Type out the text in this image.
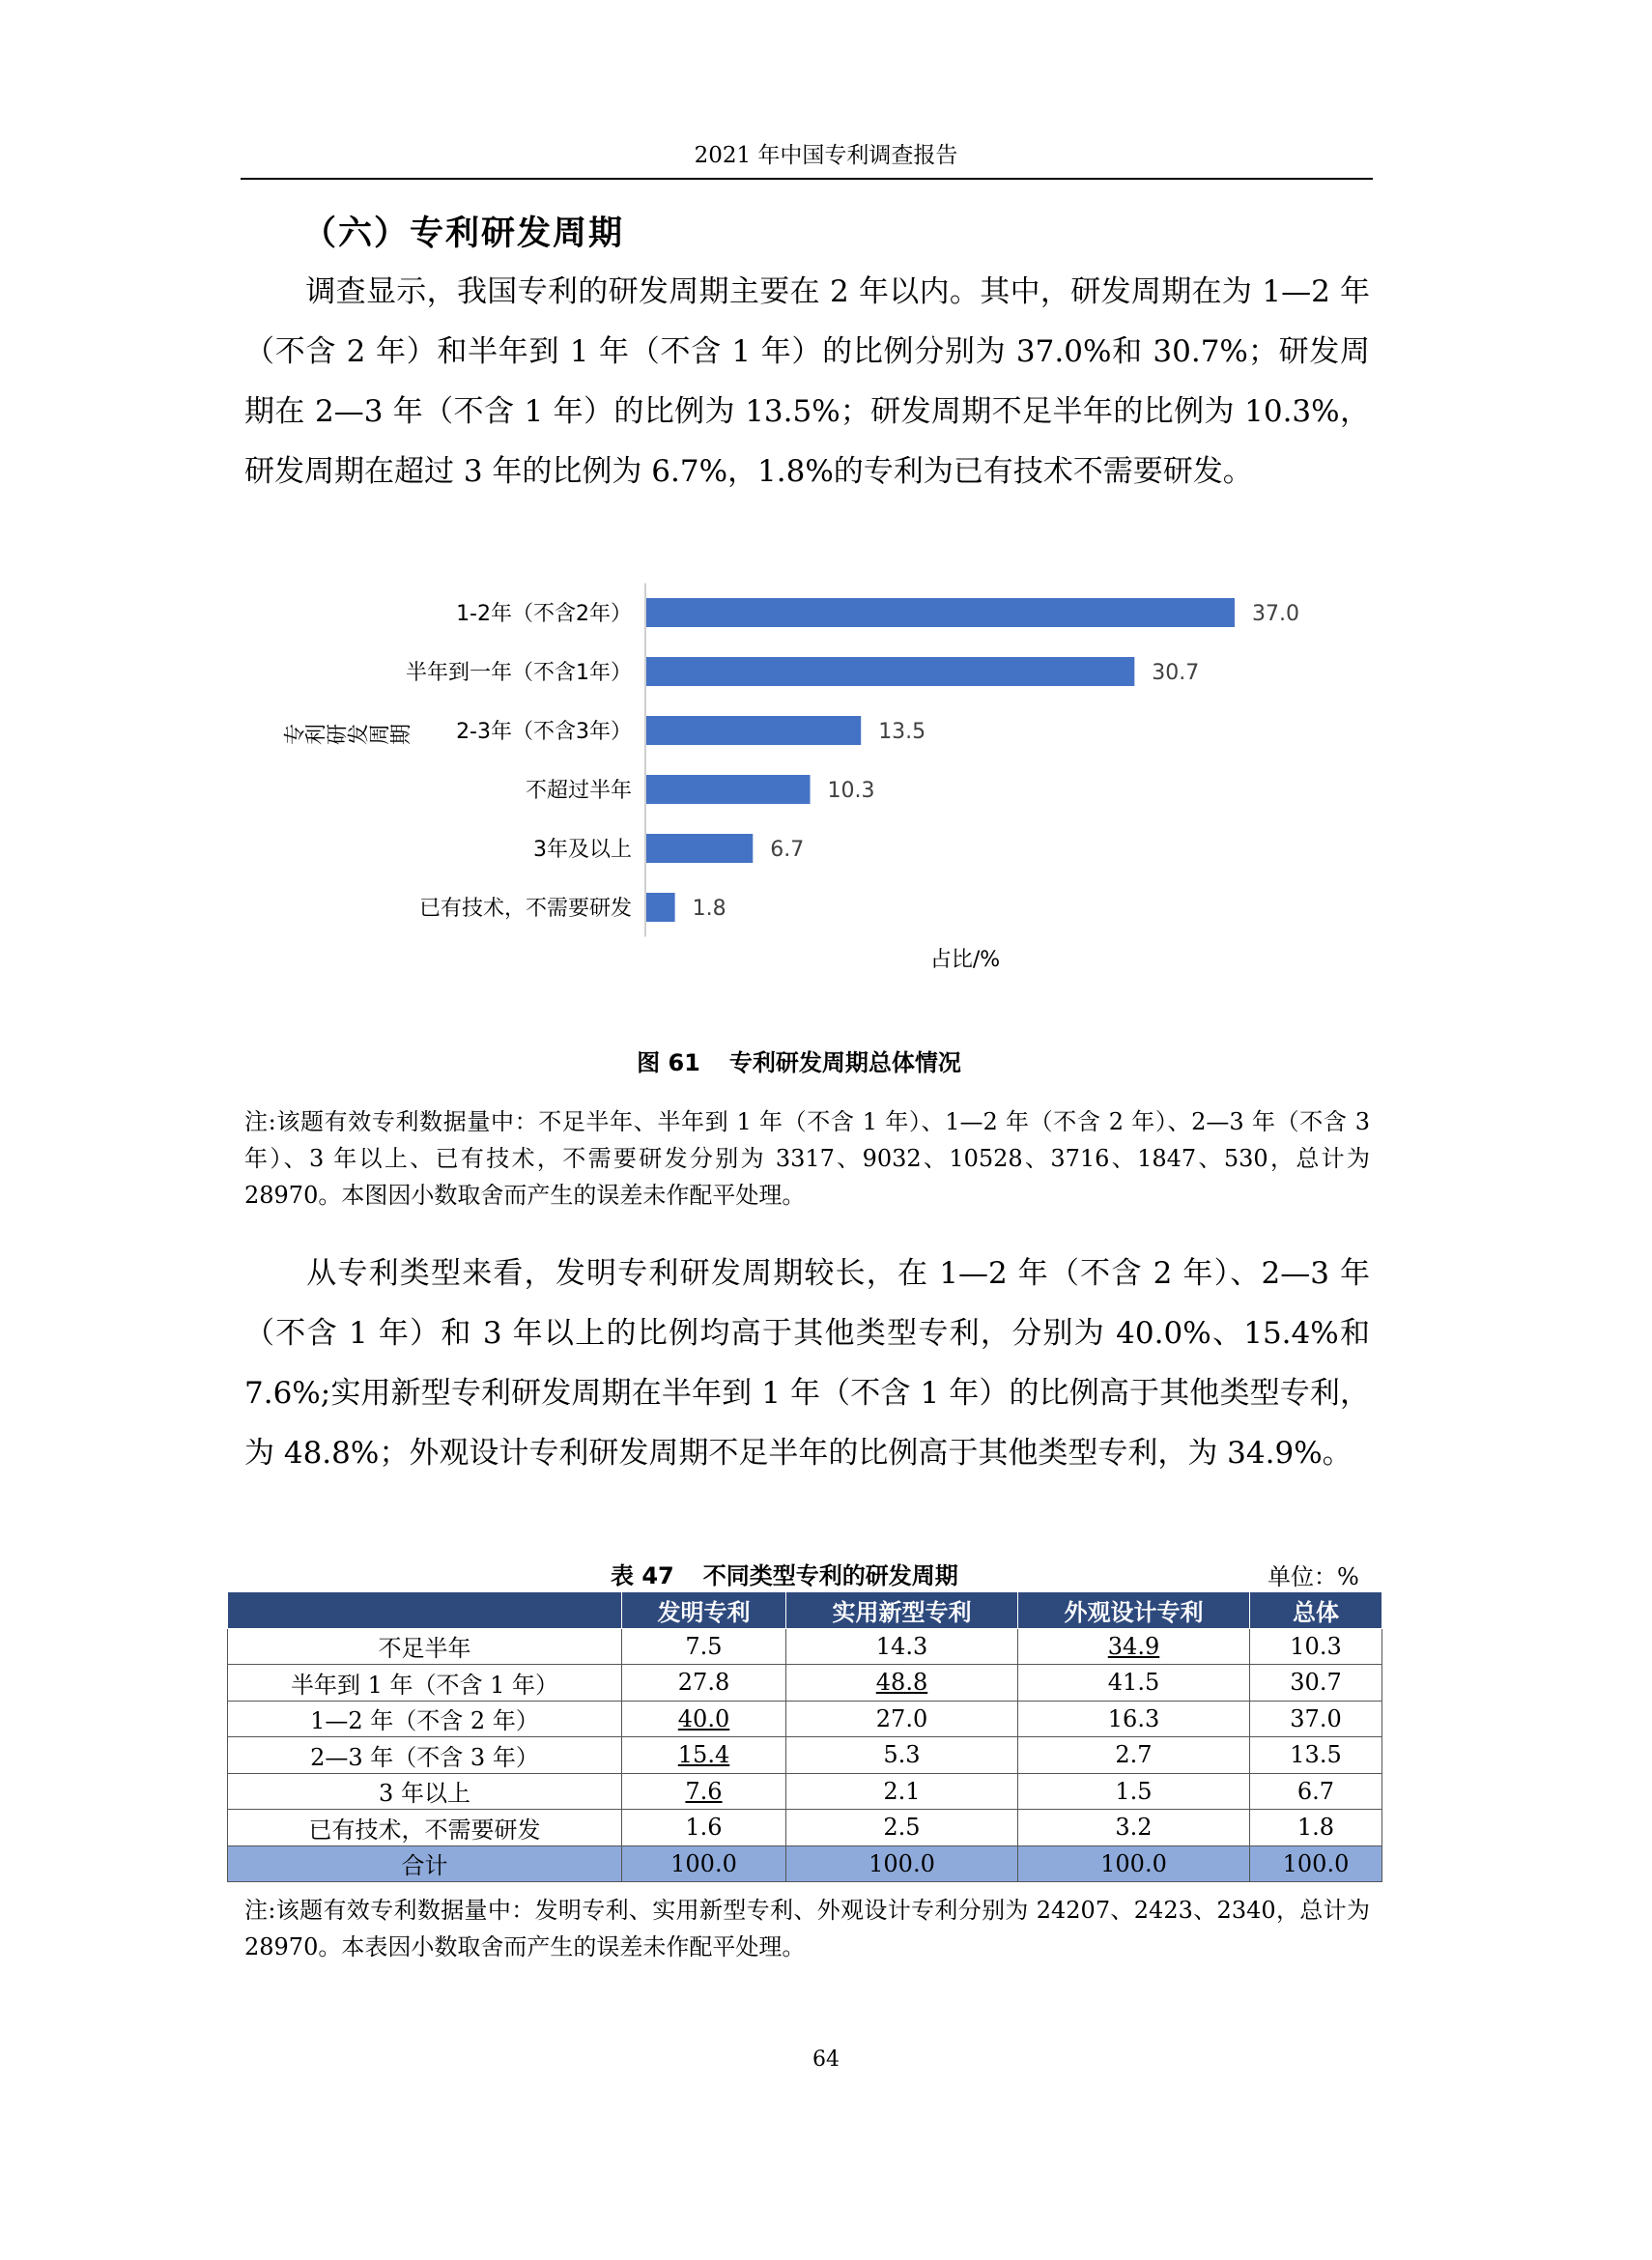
2021 年中国专利调查报告
（六）专利研发周期
调查显示，我国专利的研发周期主要在 2 年以内。其中，研发周期在为 1—2 年（不含 2 年）和半年到 1 年（不含 1 年）的比例分别为 37.0%和 30.7%；研发周期在 2—3 年（不含 1 年）的比例为 13.5%；研发周期不足半年的比例为 10.3%，研发周期在超过 3 年的比例为 6.7%，1.8%的专利为已有技术不需要研发。
专利研发周期
1-2年（不含2年）	37.0
半年到一年（不含1年）	30.7
2-3年（不含3年）	13.5
不超过半年	10.3
3年及以上	6.7
已有技术，不需要研发	1.8
占比/%
图 61 专利研发周期总体情况
注:该题有效专利数据量中：不足半年、半年到 1 年（不含 1 年）、1—2 年（不含 2 年）、2—3 年（不含 3 年）、3 年以上、已有技术，不需要研发分别为 3317、9032、10528、3716、1847、530，总计为 28970。本图因小数取舍而产生的误差未作配平处理。
从专利类型来看，发明专利研发周期较长，在 1—2 年（不含 2 年）、2—3 年（不含 1 年）和 3 年以上的比例均高于其他类型专利，分别为 40.0%、15.4%和 7.6%;实用新型专利研发周期在半年到 1 年（不含 1 年）的比例高于其他类型专利，为 48.8%；外观设计专利研发周期不足半年的比例高于其他类型专利，为 34.9%。
表 47 不同类型专利的研发周期	单位：%
	发明专利	实用新型专利	外观设计专利	总体
不足半年	7.5	14.3	34.9	10.3
半年到 1 年（不含 1 年）	27.8	48.8	41.5	30.7
1—2 年（不含 2 年）	40.0	27.0	16.3	37.0
2—3 年（不含 3 年）	15.4	5.3	2.7	13.5
3 年以上	7.6	2.1	1.5	6.7
已有技术，不需要研发	1.6	2.5	3.2	1.8
合计	100.0	100.0	100.0	100.0
注:该题有效专利数据量中：发明专利、实用新型专利、外观设计专利分别为 24207、2423、2340，总计为 28970。本表因小数取舍而产生的误差未作配平处理。
64
